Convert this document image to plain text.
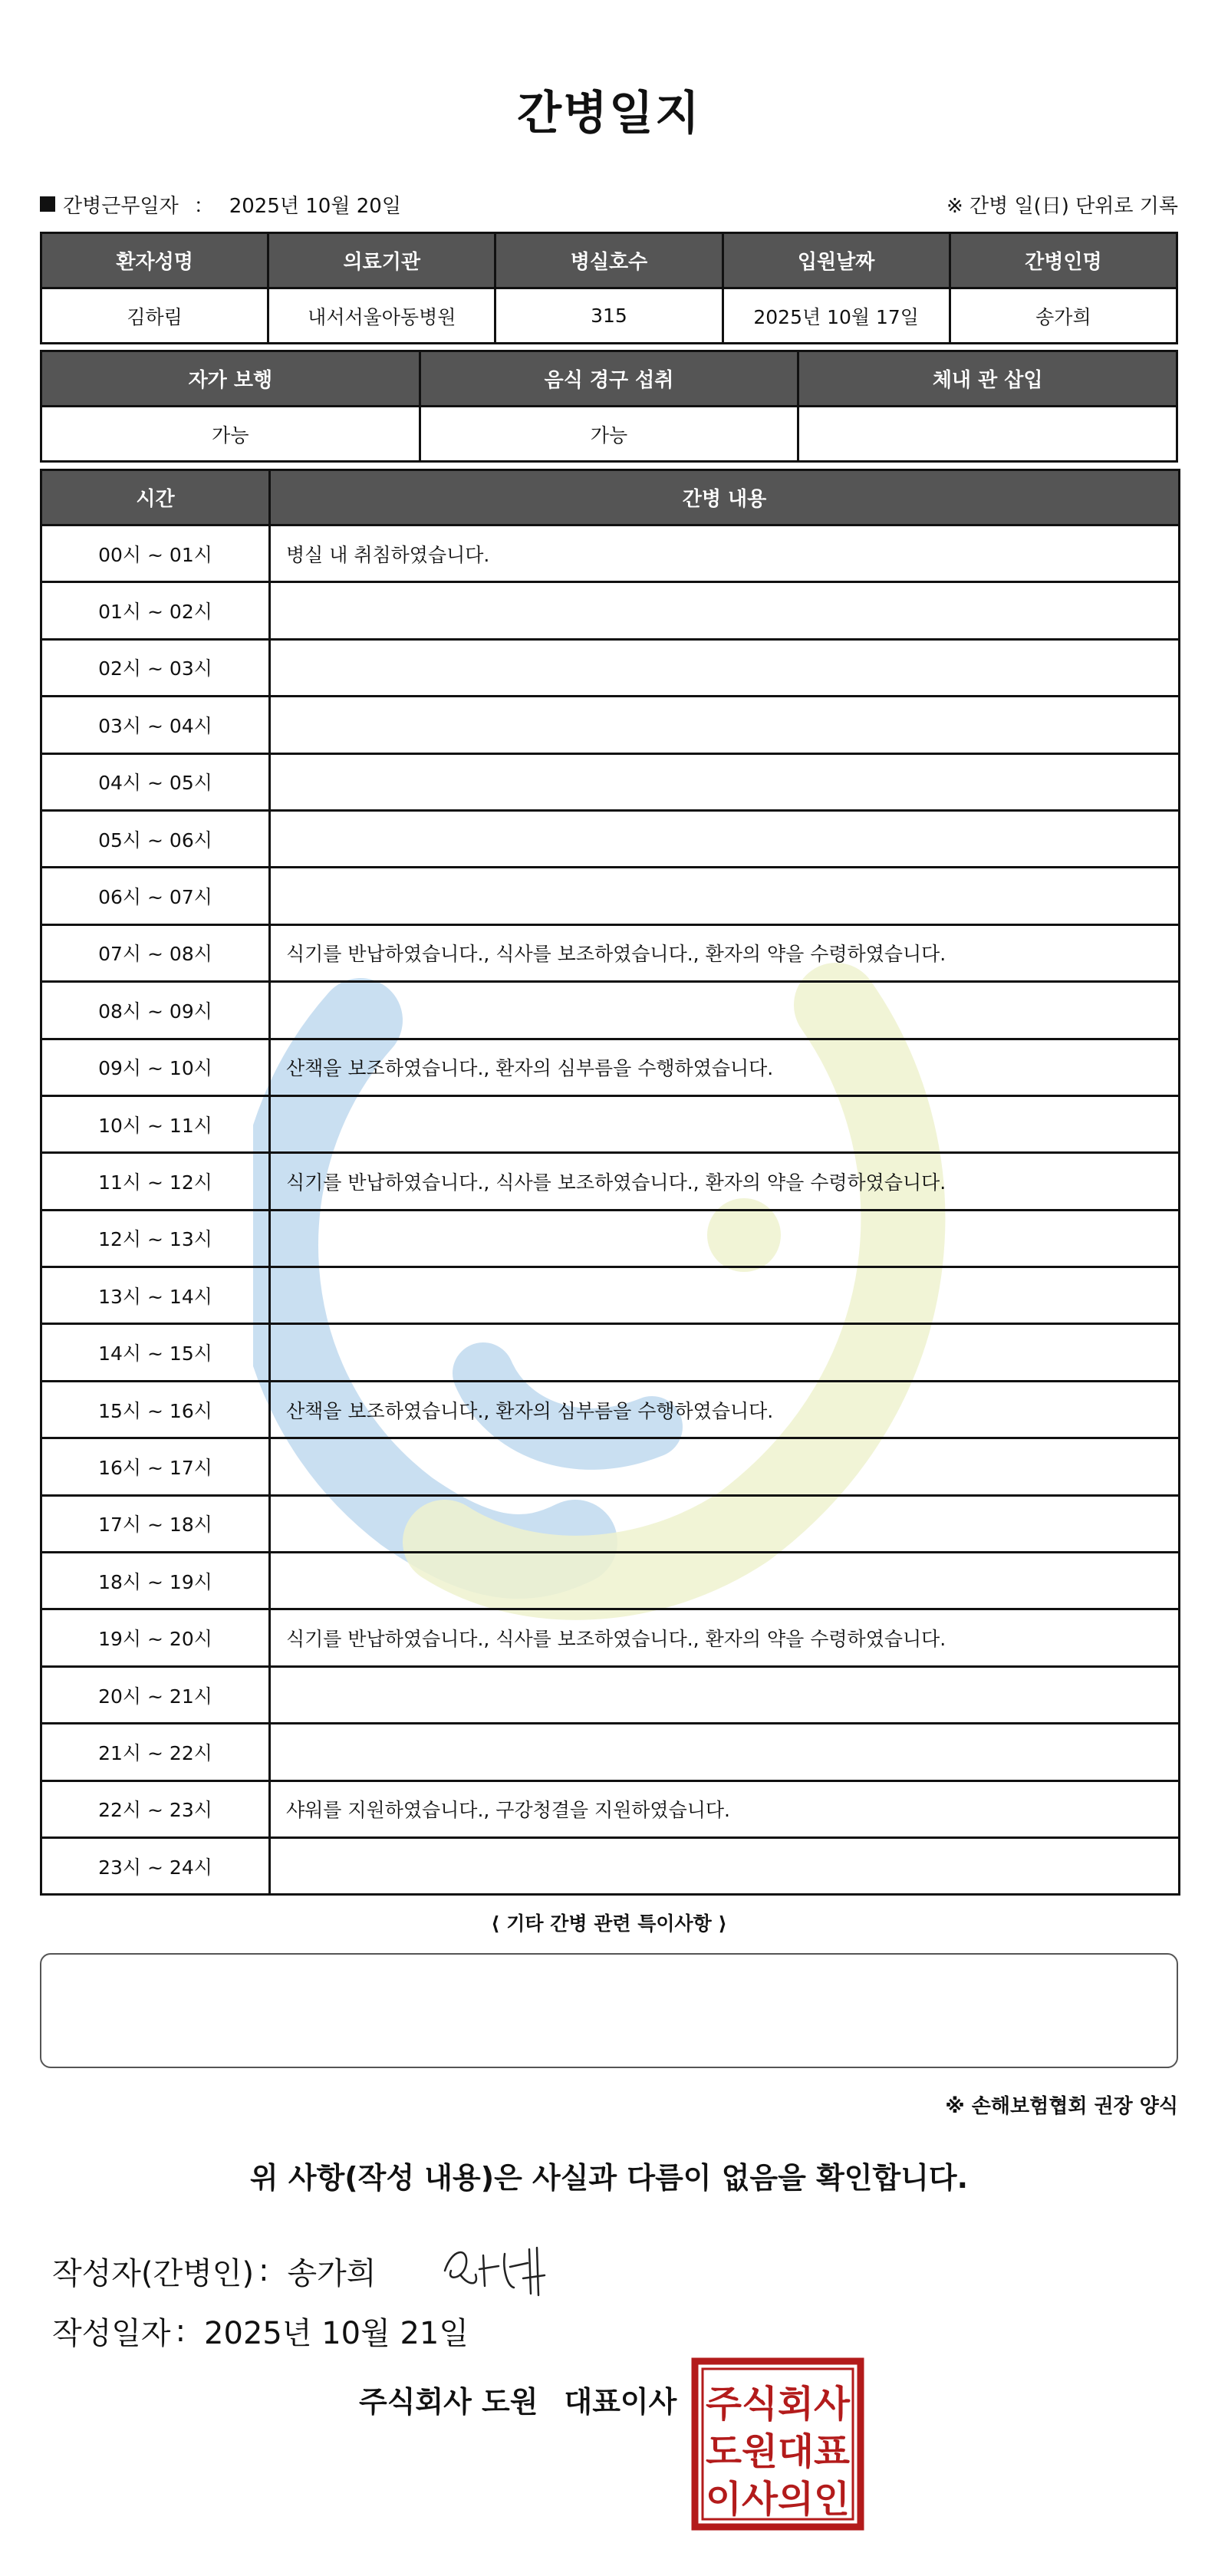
간병일지
간병근무일자 ： 2025년 10월 20일	※ 간병 일(日) 단위로 기록
환자성명	의료기관	병실호수	입원날짜	간병인명
김하림	내서서울아동병원	315	2025년 10월 17일	송가희
자가 보행	음식 경구 섭취	체내 관 삽입
가능	가능	
시간	간병 내용
00시 ~ 01시	병실 내 취침하였습니다.
01시 ~ 02시	
02시 ~ 03시	
03시 ~ 04시	
04시 ~ 05시	
05시 ~ 06시	
06시 ~ 07시	
07시 ~ 08시	식기를 반납하였습니다., 식사를 보조하였습니다., 환자의 약을 수령하였습니다.
08시 ~ 09시	
09시 ~ 10시	산책을 보조하였습니다., 환자의 심부름을 수행하였습니다.
10시 ~ 11시	
11시 ~ 12시	식기를 반납하였습니다., 식사를 보조하였습니다., 환자의 약을 수령하였습니다.
12시 ~ 13시	
13시 ~ 14시	
14시 ~ 15시	
15시 ~ 16시	산책을 보조하였습니다., 환자의 심부름을 수행하였습니다.
16시 ~ 17시	
17시 ~ 18시	
18시 ~ 19시	
19시 ~ 20시	식기를 반납하였습니다., 식사를 보조하였습니다., 환자의 약을 수령하였습니다.
20시 ~ 21시	
21시 ~ 22시	
22시 ~ 23시	샤워를 지원하였습니다., 구강청결을 지원하였습니다.
23시 ~ 24시	
⟨ 기타 간병 관련 특이사항 ⟩
※ 손해보험협회 권장 양식
위 사항(작성 내용)은 사실과 다름이 없음을 확인합니다.
작성자(간병인) : 송가희
작성일자 : 2025년 10월 21일
주식회사 도원 대표이사 주식회사
도원대표
이사의인
